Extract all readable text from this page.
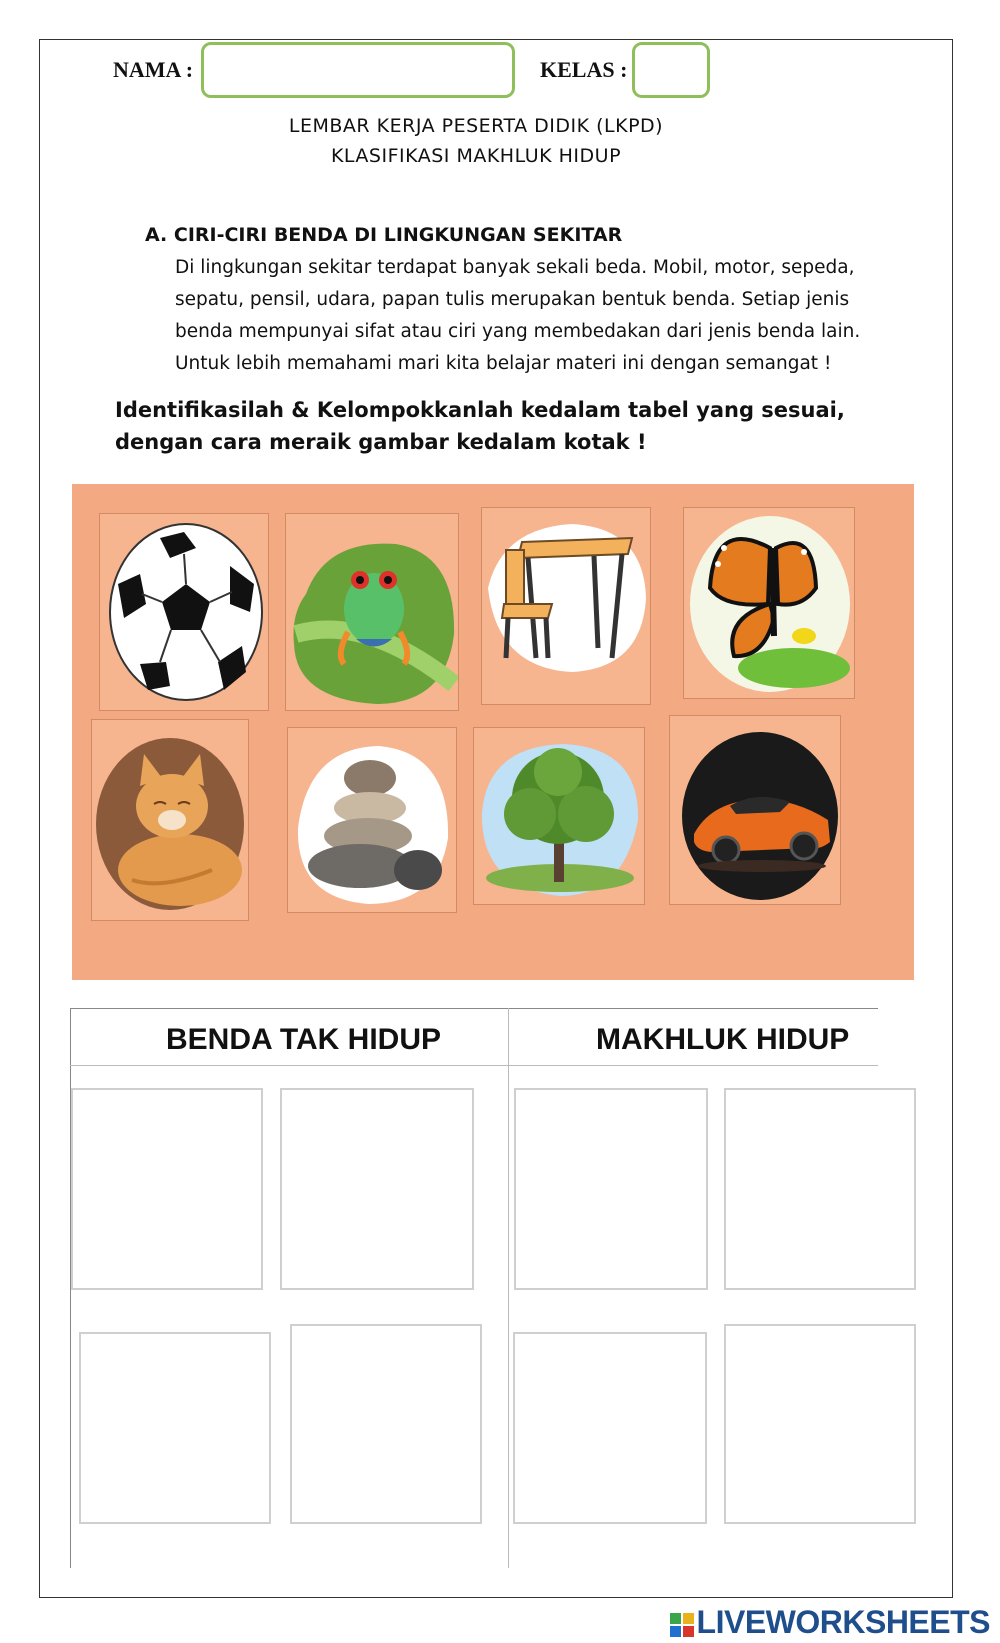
NAMA :	KELAS :
LEMBAR KERJA PESERTA DIDIK (LKPD)
KLASIFIKASI MAKHLUK HIDUP
A. CIRI-CIRI BENDA DI LINGKUNGAN SEKITAR
Di lingkungan sekitar terdapat banyak sekali beda. Mobil, motor, sepeda, sepatu, pensil, udara, papan tulis merupakan bentuk benda. Setiap jenis benda mempunyai sifat atau ciri yang membedakan dari jenis benda lain. Untuk lebih memahami mari kita belajar materi ini dengan semangat !
Identifikasilah & Kelompokkanlah kedalam tabel yang sesuai, dengan cara meraik gambar kedalam kotak !
BENDA TAK HIDUP	MAKHLUK HIDUP
LIVEWORKSHEETS
